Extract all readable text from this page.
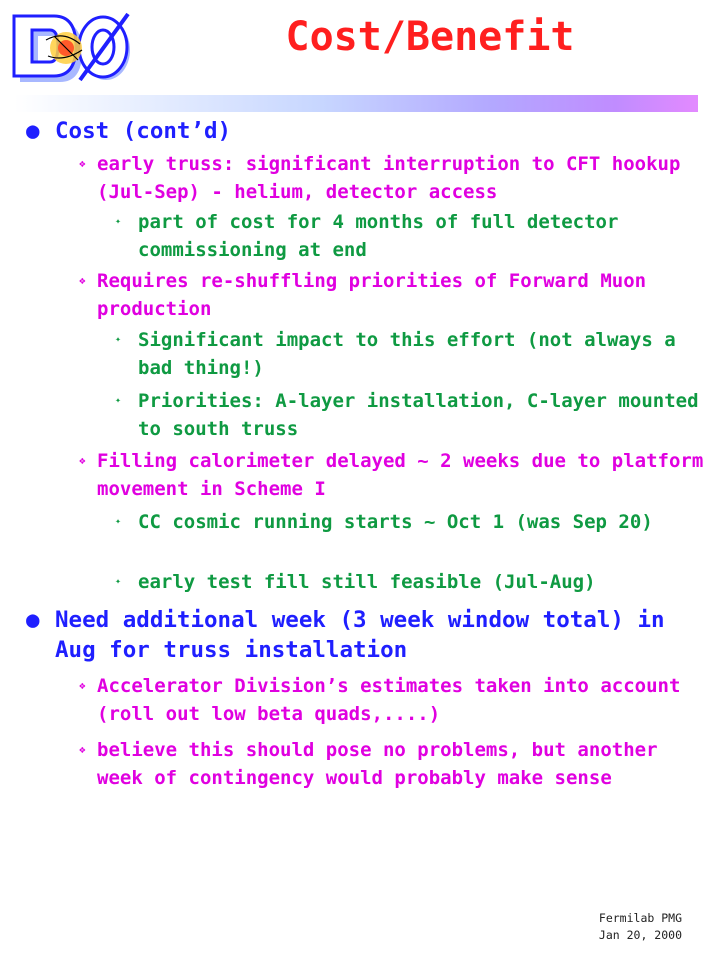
Cost/Benefit
● Cost (cont’d)
❖ early truss: significant interruption to CFT hookup (Jul-Sep) - helium, detector access
✦ part of cost for 4 months of full detector commissioning at end
❖ Requires re-shuffling priorities of Forward Muon production
✦ Significant impact to this effort (not always a bad thing!)
✦ Priorities: A-layer installation, C-layer mounted to south truss
❖ Filling calorimeter delayed ~ 2 weeks due to platform movement in Scheme I
✦ CC cosmic running starts ~ Oct 1 (was Sep 20)
✦ early test fill still feasible (Jul-Aug)
● Need additional week (3 week window total) in Aug for truss installation
❖ Accelerator Division’s estimates taken into account (roll out low beta quads,....)
❖ believe this should pose no problems, but another week of contingency would probably make sense
Fermilab PMG
Jan 20, 2000
